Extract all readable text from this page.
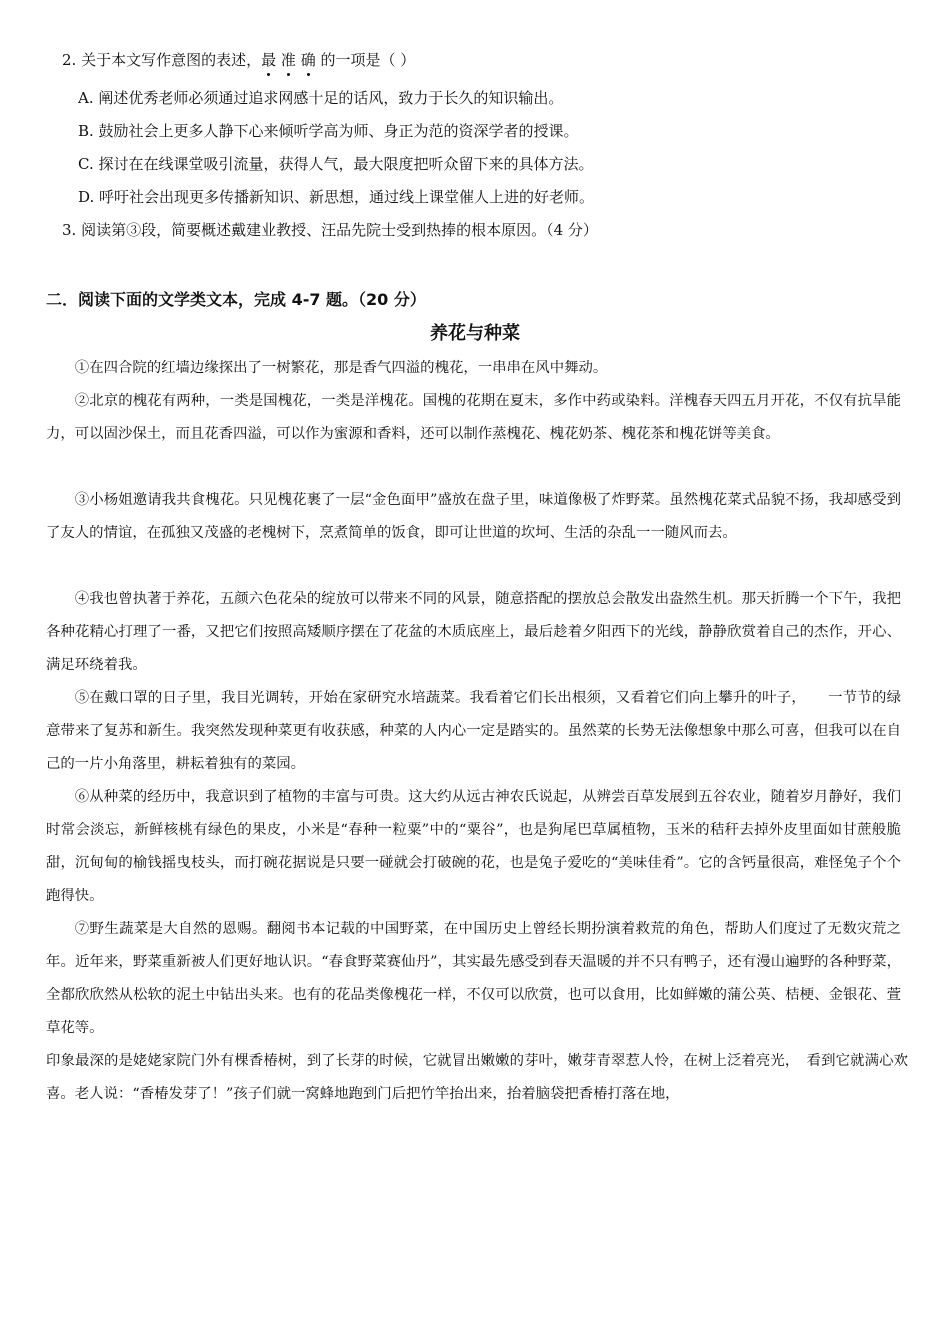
2. 关于本文写作意图的表述，最 准 确 的一项是（ ）
A. 阐述优秀老师必须通过追求网感十足的话风，致力于长久的知识输出。
B. 鼓励社会上更多人静下心来倾听学高为师、身正为范的资深学者的授课。
C. 探讨在在线课堂吸引流量，获得人气，最大限度把听众留下来的具体方法。
D. 呼吁社会出现更多传播新知识、新思想，通过线上课堂催人上进的好老师。
3. 阅读第③段，简要概述戴建业教授、汪品先院士受到热捧的根本原因。（4 分）
二．阅读下面的文学类文本，完成 4-7 题。（20 分）
养花与种菜
①在四合院的红墙边缘探出了一树繁花，那是香气四溢的槐花，一串串在风中舞动。
②北京的槐花有两种，一类是国槐花，一类是洋槐花。国槐的花期在夏末，多作中药或染料。洋槐春天四五月开花，不仅有抗旱能力，可以固沙保土，而且花香四溢，可以作为蜜源和香料，还可以制作蒸槐花、槐花奶茶、槐花茶和槐花饼等美食。
③小杨姐邀请我共食槐花。只见槐花裹了一层“金色面甲”盛放在盘子里，味道像极了炸野菜。虽然槐花菜式品貌不扬，我却感受到了友人的情谊，在孤独又茂盛的老槐树下，烹煮简单的饭食，即可让世道的坎坷、生活的杂乱一一随风而去。
④我也曾执著于养花，五颜六色花朵的绽放可以带来不同的风景，随意搭配的摆放总会散发出盎然生机。那天折腾一个下午，我把各种花精心打理了一番，又把它们按照高矮顺序摆在了花盆的木质底座上，最后趁着夕阳西下的光线，静静欣赏着自己的杰作，开心、满足环绕着我。
⑤在戴口罩的日子里，我目光调转，开始在家研究水培蔬菜。我看着它们长出根须，又看着它们向上攀升的叶子，　　一节节的绿意带来了复苏和新生。我突然发现种菜更有收获感，种菜的人内心一定是踏实的。虽然菜的长势无法像想象中那么可喜，但我可以在自己的一片小角落里，耕耘着独有的菜园。
⑥从种菜的经历中，我意识到了植物的丰富与可贵。这大约从远古神农氏说起，从辨尝百草发展到五谷农业，随着岁月静好，我们时常会淡忘，新鲜核桃有绿色的果皮，小米是“春种一粒粟”中的“粟谷”，也是狗尾巴草属植物，玉米的秸秆去掉外皮里面如甘蔗般脆甜，沉甸甸的榆钱摇曳枝头，而打碗花据说是只要一碰就会打破碗的花，也是兔子爱吃的“美味佳肴”。它的含钙量很高，难怪兔子个个跑得快。
⑦野生蔬菜是大自然的恩赐。翻阅书本记载的中国野菜，在中国历史上曾经长期扮演着救荒的角色，帮助人们度过了无数灾荒之年。近年来，野菜重新被人们更好地认识。“春食野菜赛仙丹”，其实最先感受到春天温暖的并不只有鸭子，还有漫山遍野的各种野菜，全都欣欣然从松软的泥土中钻出头来。也有的花品类像槐花一样，不仅可以欣赏，也可以食用，比如鲜嫩的蒲公英、桔梗、金银花、萱草花等。
印象最深的是姥姥家院门外有棵香椿树，到了长芽的时候，它就冒出嫩嫩的芽叶，嫩芽青翠惹人怜，在树上泛着亮光，　看到它就满心欢喜。老人说：“香椿发芽了！”孩子们就一窝蜂地跑到门后把竹竿抬出来，抬着脑袋把香椿打落在地，
